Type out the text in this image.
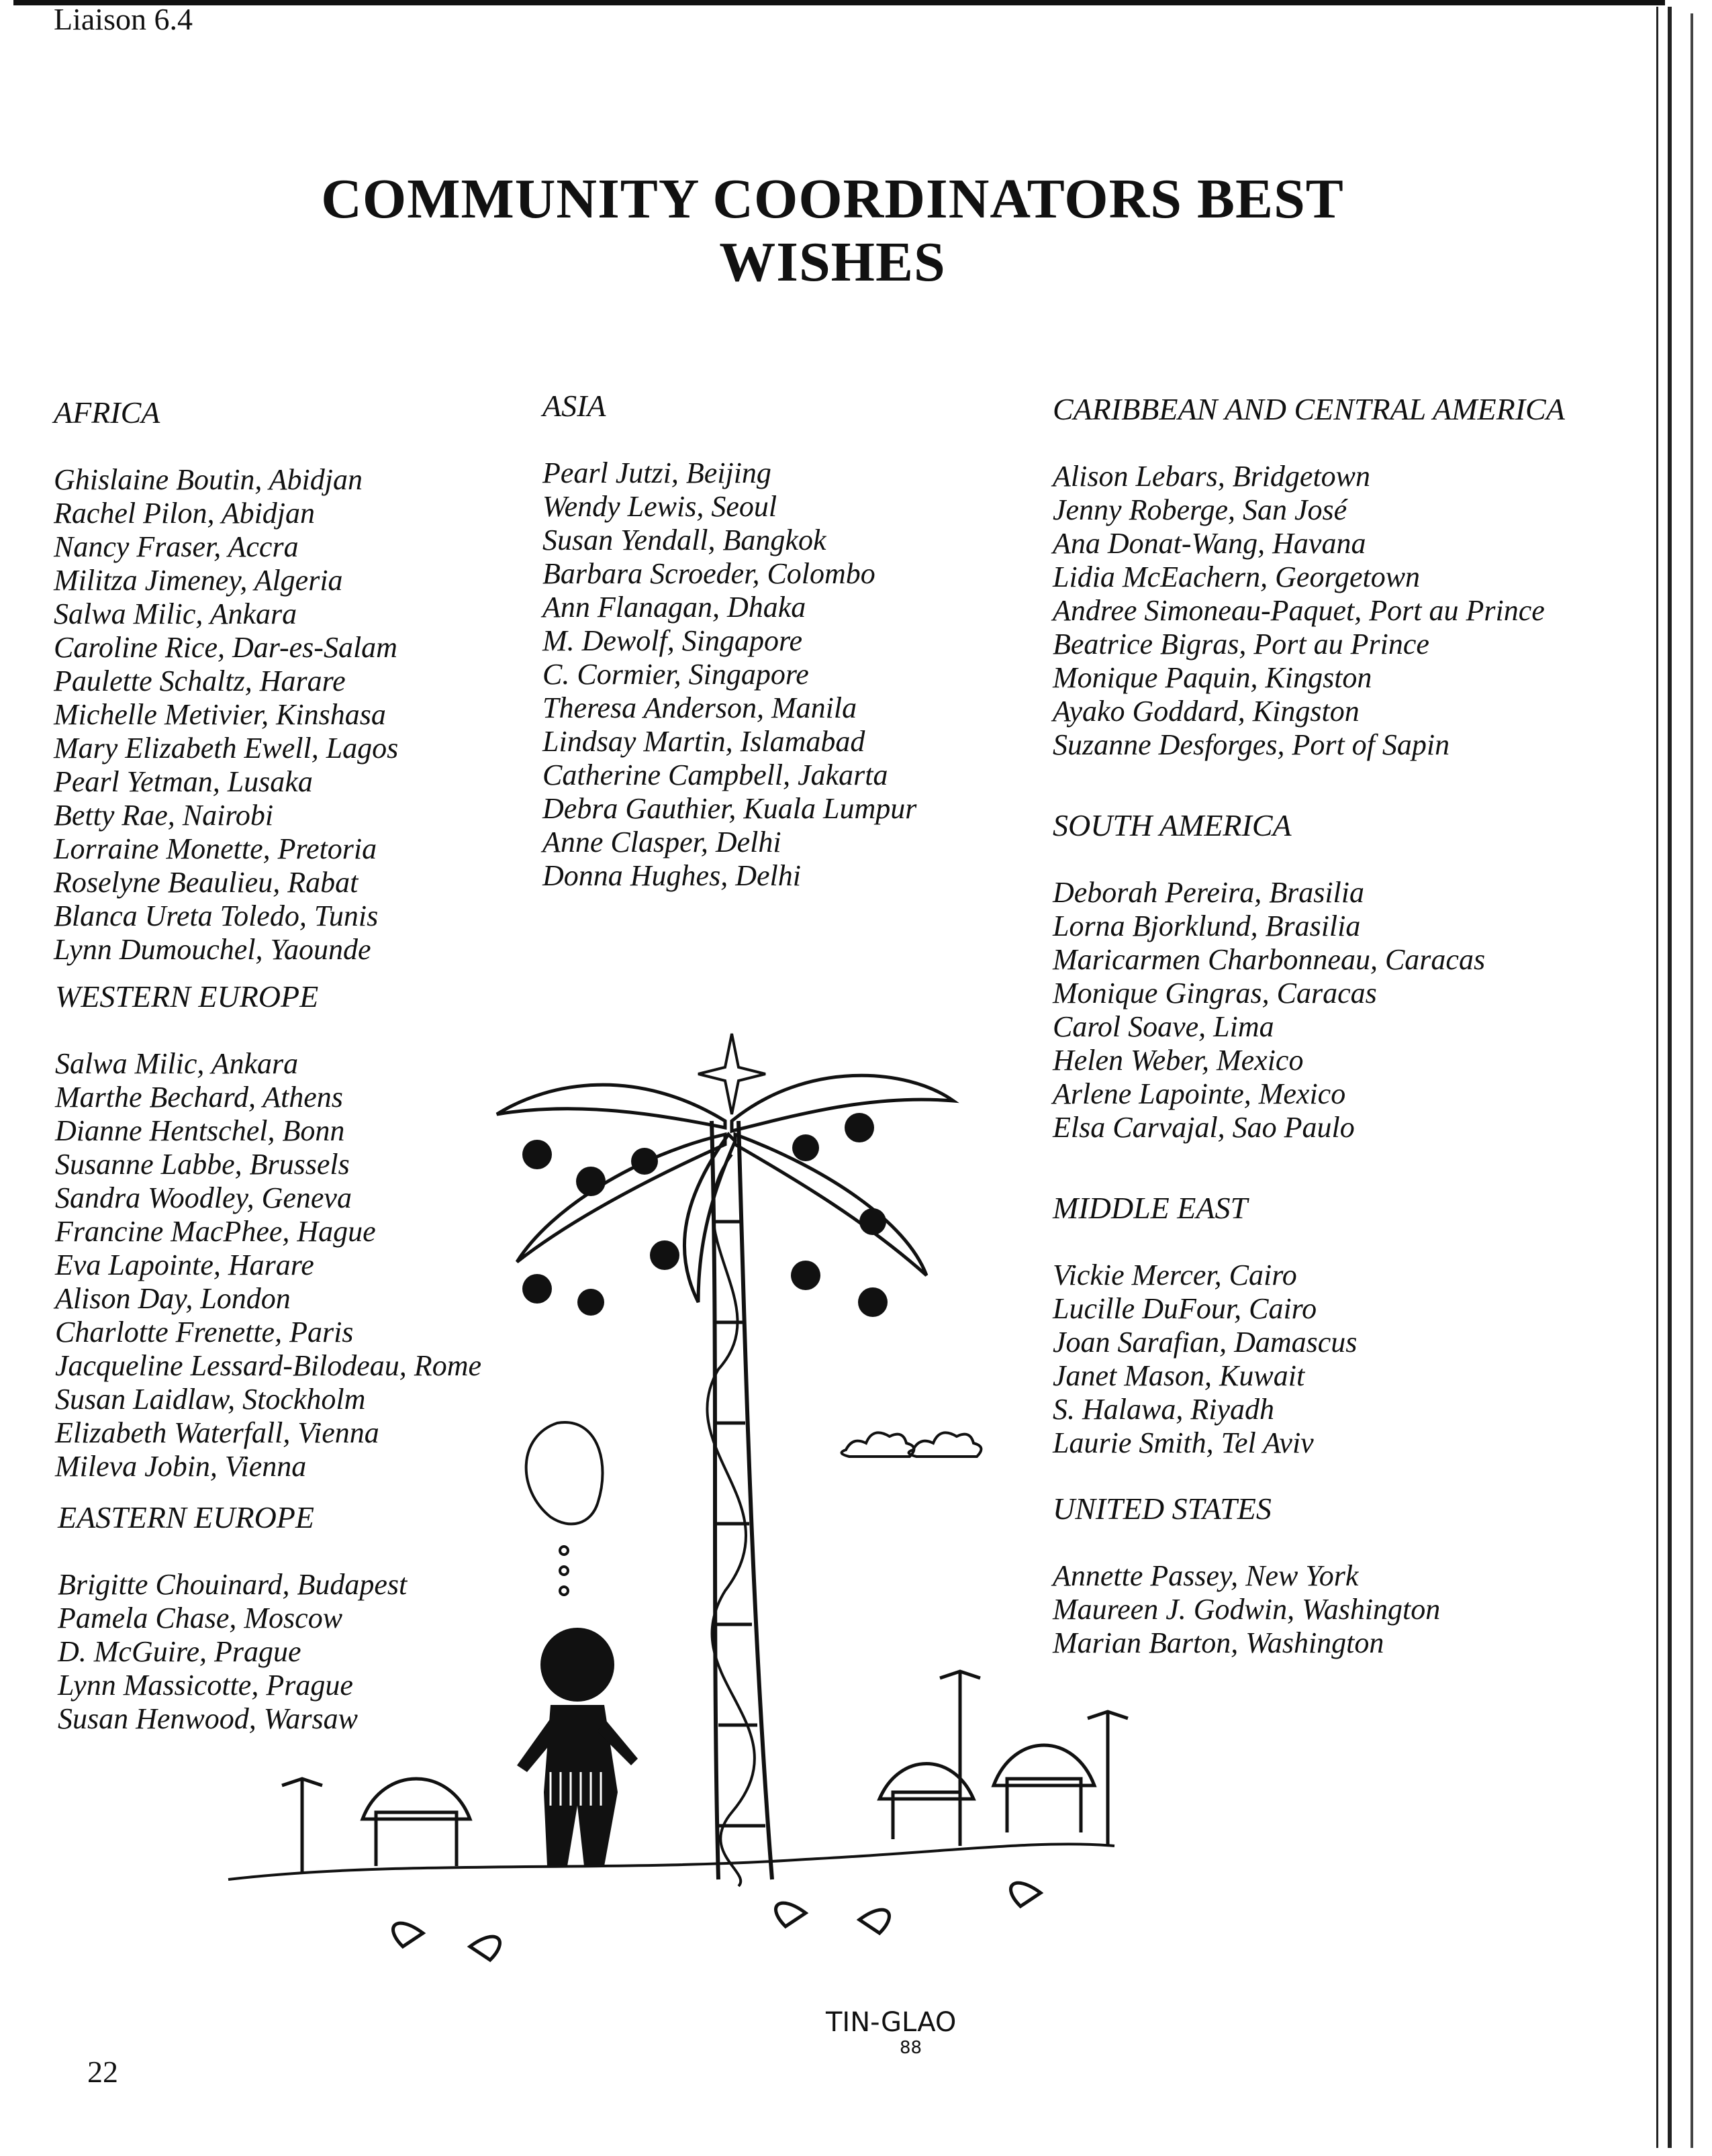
Liaison 6.4
COMMUNITY COORDINATORS BEST
WISHES
AFRICA
Ghislaine Boutin, Abidjan
Rachel Pilon, Abidjan
Nancy Fraser, Accra
Militza Jimeney, Algeria
Salwa Milic, Ankara
Caroline Rice, Dar-es-Salam
Paulette Schaltz, Harare
Michelle Metivier, Kinshasa
Mary Elizabeth Ewell, Lagos
Pearl Yetman, Lusaka
Betty Rae, Nairobi
Lorraine Monette, Pretoria
Roselyne Beaulieu, Rabat
Blanca Ureta Toledo, Tunis
Lynn Dumouchel, Yaounde
WESTERN EUROPE
Salwa Milic, Ankara
Marthe Bechard, Athens
Dianne Hentschel, Bonn
Susanne Labbe, Brussels
Sandra Woodley, Geneva
Francine MacPhee, Hague
Eva Lapointe, Harare
Alison Day, London
Charlotte Frenette, Paris
Jacqueline Lessard-Bilodeau, Rome
Susan Laidlaw, Stockholm
Elizabeth Waterfall, Vienna
Mileva Jobin, Vienna
EASTERN EUROPE
Brigitte Chouinard, Budapest
Pamela Chase, Moscow
D. McGuire, Prague
Lynn Massicotte, Prague
Susan Henwood, Warsaw
ASIA
Pearl Jutzi, Beijing
Wendy Lewis, Seoul
Susan Yendall, Bangkok
Barbara Scroeder, Colombo
Ann Flanagan, Dhaka
M. Dewolf, Singapore
C. Cormier, Singapore
Theresa Anderson, Manila
Lindsay Martin, Islamabad
Catherine Campbell, Jakarta
Debra Gauthier, Kuala Lumpur
Anne Clasper, Delhi
Donna Hughes, Delhi
CARIBBEAN AND CENTRAL AMERICA
Alison Lebars, Bridgetown
Jenny Roberge, San José
Ana Donat-Wang, Havana
Lidia McEachern, Georgetown
Andree Simoneau-Paquet, Port au Prince
Beatrice Bigras, Port au Prince
Monique Paquin, Kingston
Ayako Goddard, Kingston
Suzanne Desforges, Port of Sapin
SOUTH AMERICA
Deborah Pereira, Brasilia
Lorna Bjorklund, Brasilia
Maricarmen Charbonneau, Caracas
Monique Gingras, Caracas
Carol Soave, Lima
Helen Weber, Mexico
Arlene Lapointe, Mexico
Elsa Carvajal, Sao Paulo
MIDDLE EAST
Vickie Mercer, Cairo
Lucille DuFour, Cairo
Joan Sarafian, Damascus
Janet Mason, Kuwait
S. Halawa, Riyadh
Laurie Smith, Tel Aviv
UNITED STATES
Annette Passey, New York
Maureen J. Godwin, Washington
Marian Barton, Washington
TIN-GLAO
88
22
